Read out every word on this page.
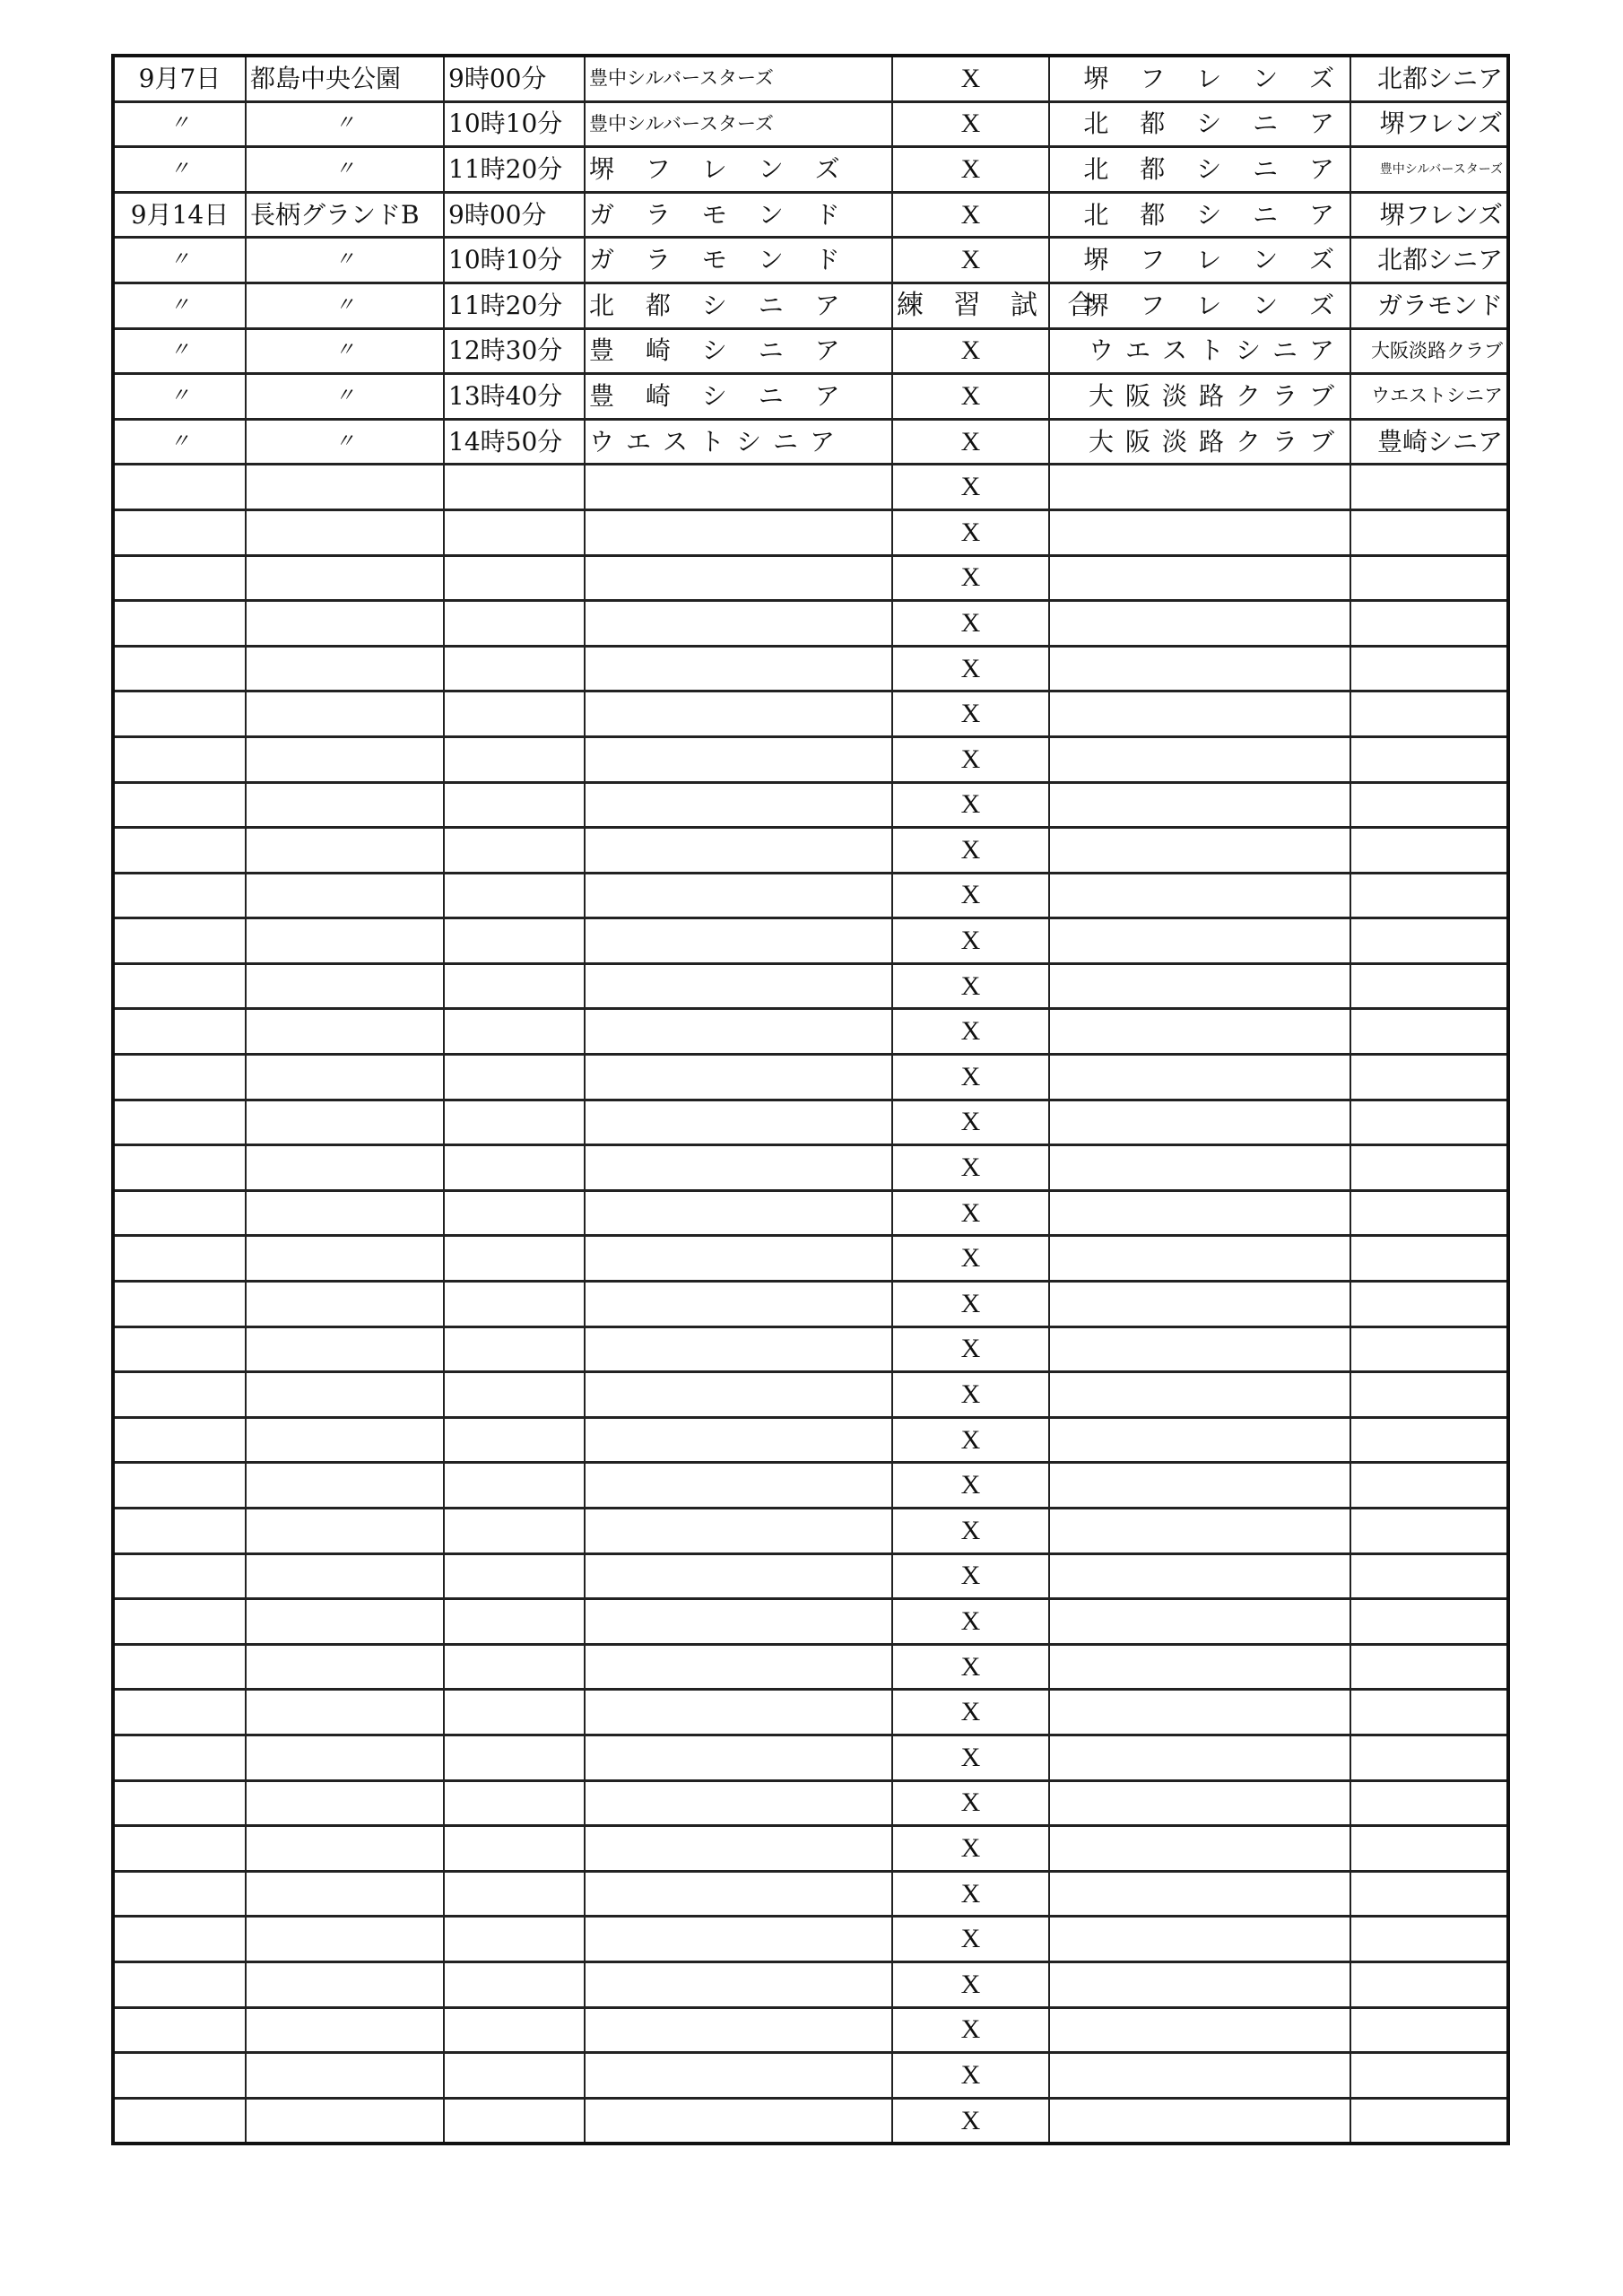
9月7日	都島中央公園	9時00分	豊中シルバースターズ	X	堺 フ レ ン ズ	北都シニア
〃	〃	10時10分	豊中シルバースターズ	X	北 都 シ ニ ア	堺フレンズ
〃	〃	11時20分	堺 フ レ ン ズ	X	北 都 シ ニ ア	豊中シルバースターズ
9月14日	長柄グランドB	9時00分	ガ ラ モ ン ド	X	北 都 シ ニ ア	堺フレンズ
〃	〃	10時10分	ガ ラ モ ン ド	X	堺 フ レ ン ズ	北都シニア
〃	〃	11時20分	北 都 シ ニ ア	練 習 試 合	堺 フ レ ン ズ	ガラモンド
〃	〃	12時30分	豊 崎 シ ニ ア	X	ウエストシニア	大阪淡路クラブ
〃	〃	13時40分	豊 崎 シ ニ ア	X	大阪淡路クラブ	ウエストシニア
〃	〃	14時50分	ウエストシニア	X	大阪淡路クラブ	豊崎シニア
				X		
				X		
				X		
				X		
				X		
				X		
				X		
				X		
				X		
				X		
				X		
				X		
				X		
				X		
				X		
				X		
				X		
				X		
				X		
				X		
				X		
				X		
				X		
				X		
				X		
				X		
				X		
				X		
				X		
				X		
				X		
				X		
				X		
				X		
				X		
				X		
				X		
